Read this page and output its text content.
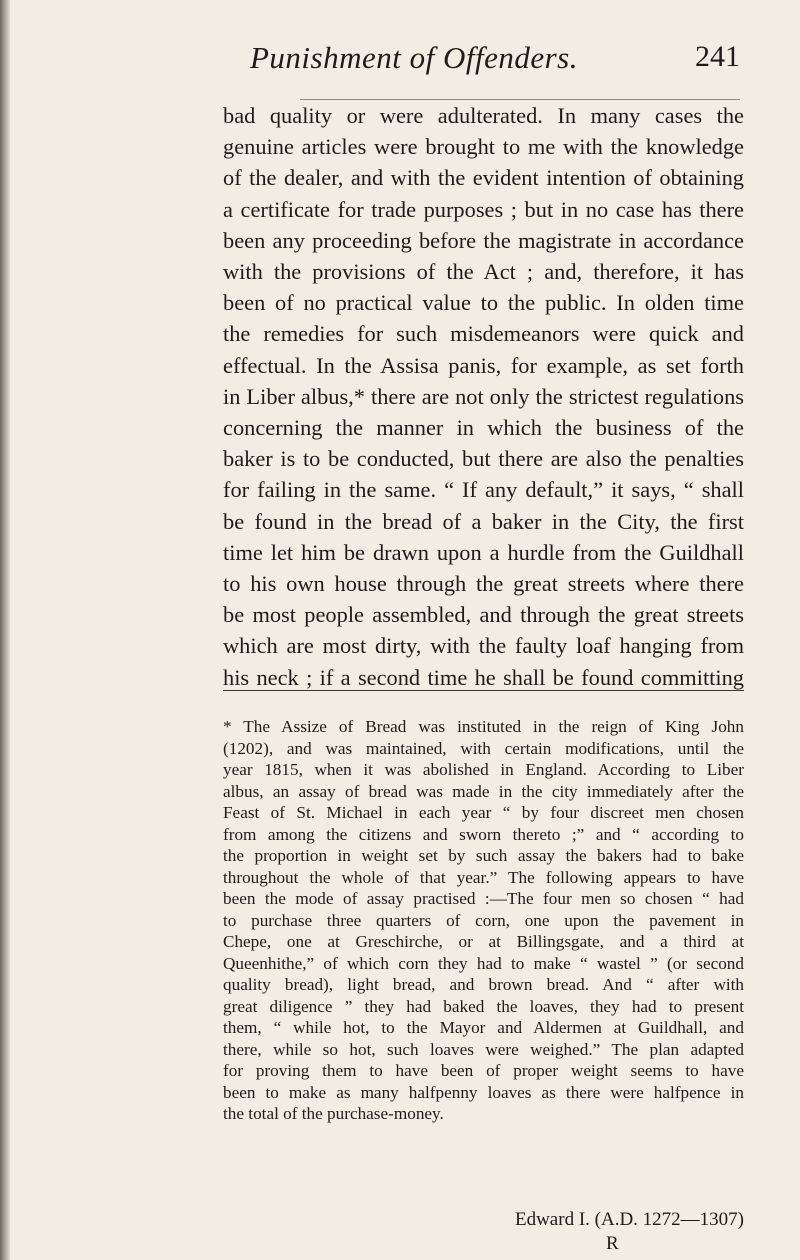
Punishment of Offenders.	241
bad quality or were adulterated. In many cases the
genuine articles were brought to me with the knowledge
of the dealer, and with the evident intention of obtaining
a certificate for trade purposes ; but in no case has there
been any proceeding before the magistrate in accordance
with the provisions of the Act ; and, therefore, it has
been of no practical value to the public. In olden time
the remedies for such misdemeanors were quick and
effectual. In the Assisa panis, for example, as set forth
in Liber albus,* there are not only the strictest regulations
concerning the manner in which the business of the
baker is to be conducted, but there are also the penalties
for failing in the same. “ If any default,” it says, “ shall
be found in the bread of a baker in the City, the first
time let him be drawn upon a hurdle from the Guildhall
to his own house through the great streets where there
be most people assembled, and through the great streets
which are most dirty, with the faulty loaf hanging from
his neck ; if a second time he shall be found committing
* The Assize of Bread was instituted in the reign of King John
(1202), and was maintained, with certain modifications, until the
year 1815, when it was abolished in England. According to Liber
albus, an assay of bread was made in the city immediately after the
Feast of St. Michael in each year “ by four discreet men chosen
from among the citizens and sworn thereto ;” and “ according to
the proportion in weight set by such assay the bakers had to bake
throughout the whole of that year.” The following appears to have
been the mode of assay practised :—The four men so chosen “ had
to purchase three quarters of corn, one upon the pavement in
Chepe, one at Greschirche, or at Billingsgate, and a third at
Queenhithe,” of which corn they had to make “ wastel ” (or second
quality bread), light bread, and brown bread. And “ after with
great diligence ” they had baked the loaves, they had to present
them, “ while hot, to the Mayor and Aldermen at Guildhall, and
there, while so hot, such loaves were weighed.” The plan adapted
for proving them to have been of proper weight seems to have
been to make as many halfpenny loaves as there were halfpence in
the total of the purchase-money.
Edward I. (A.D. 1272—1307)
R
